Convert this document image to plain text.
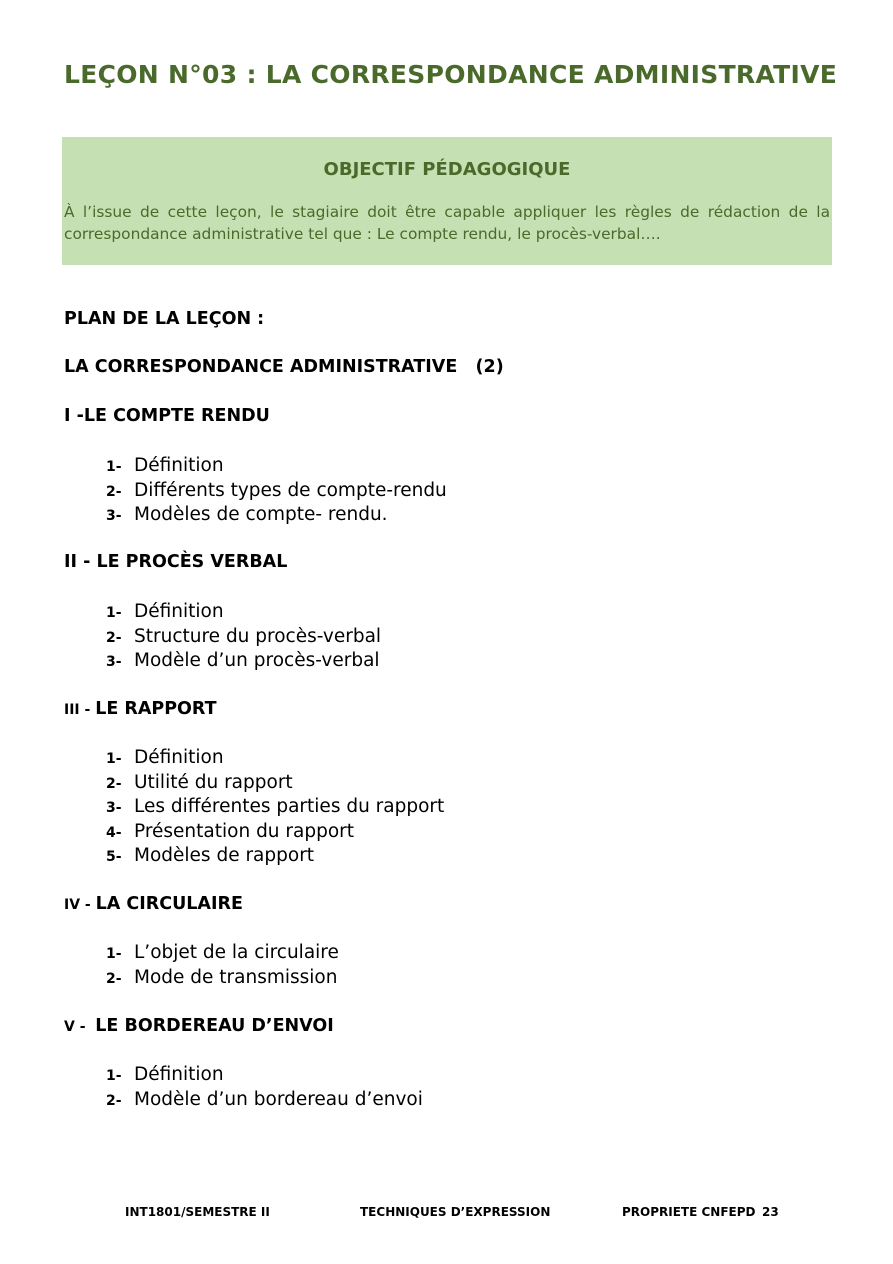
LEÇON N°03 : LA CORRESPONDANCE ADMINISTRATIVE
OBJECTIF PÉDAGOGIQUE
À l’issue de cette leçon, le stagiaire doit être capable appliquer les règles de rédaction de la correspondance administrative tel que : Le compte rendu, le procès-verbal….
PLAN DE LA LEÇON :
LA CORRESPONDANCE ADMINISTRATIVE   (2)
I -LE COMPTE RENDU
1- Définition
2- Différents types de compte-rendu
3- Modèles de compte- rendu.
II - LE PROCÈS VERBAL
1- Définition
2- Structure du procès-verbal
3- Modèle d’un procès-verbal
III - LE RAPPORT
1- Définition
2- Utilité du rapport
3- Les différentes parties du rapport
4- Présentation du rapport
5- Modèles de rapport
IV - LA CIRCULAIRE
1- L’objet de la circulaire
2- Mode de transmission
V -  LE BORDEREAU D’ENVOI
1- Définition
2- Modèle d’un bordereau d’envoi
INT1801/SEMESTRE II	TECHNIQUES D’EXPRESSION	PROPRIETE CNFEPD 23
